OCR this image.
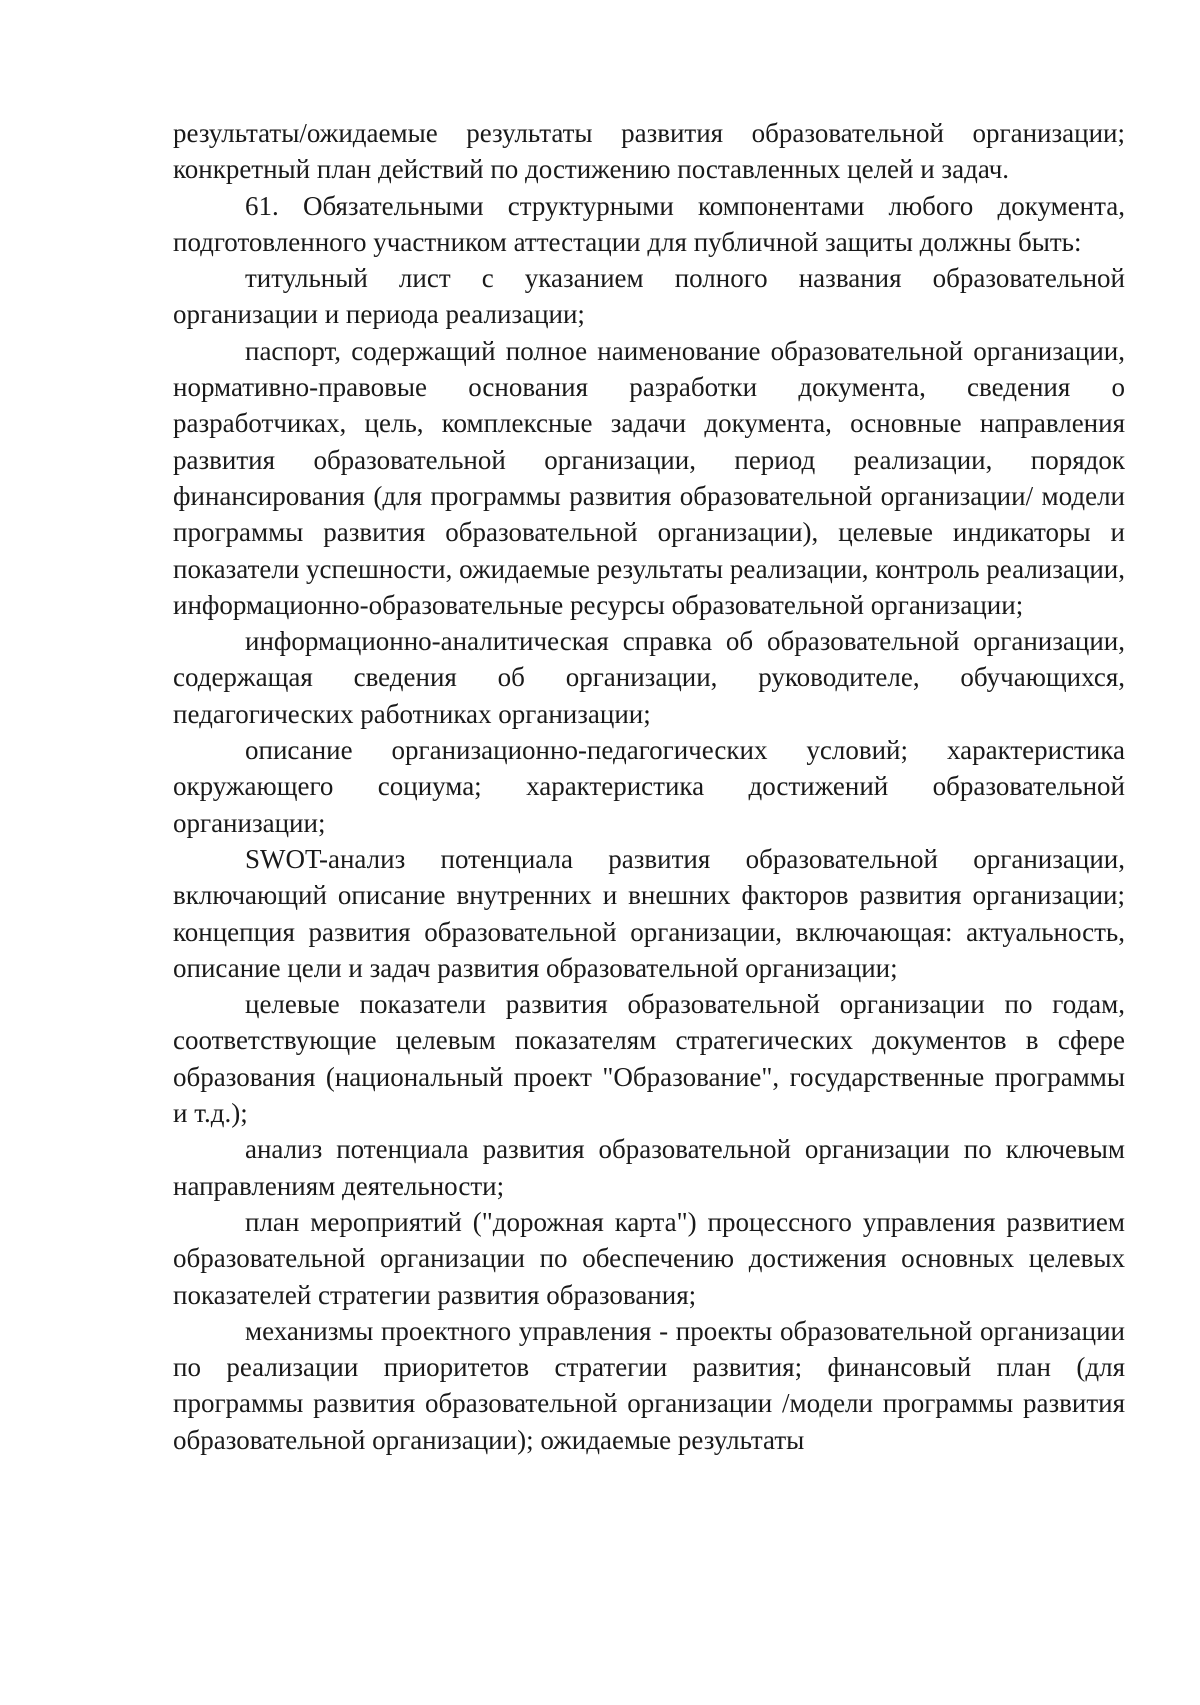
результаты/ожидаемые результаты развития образовательной организации; конкретный план действий по достижению поставленных целей и задач.

61. Обязательными структурными компонентами любого документа, подготовленного участником аттестации для публичной защиты должны быть:

титульный лист с указанием полного названия образовательной организации и периода реализации;

паспорт, содержащий полное наименование образовательной организации, нормативно-правовые основания разработки документа, сведения о разработчиках, цель, комплексные задачи документа, основные направления развития образовательной организации, период реализации, порядок финансирования (для программы развития образовательной организации/ модели программы развития образовательной организации), целевые индикаторы и показатели успешности, ожидаемые результаты реализации, контроль реализации, информационно-образовательные ресурсы образовательной организации;

информационно-аналитическая справка об образовательной организации, содержащая сведения об организации, руководителе, обучающихся, педагогических работниках организации;

описание организационно-педагогических условий; характеристика окружающего социума; характеристика достижений образовательной организации;

SWOT-анализ потенциала развития образовательной организации, включающий описание внутренних и внешних факторов развития организации; концепция развития образовательной организации, включающая: актуальность, описание цели и задач развития образовательной организации;

целевые показатели развития образовательной организации по годам, соответствующие целевым показателям стратегических документов в сфере образования (национальный проект "Образование", государственные программы и т.д.);

анализ потенциала развития образовательной организации по ключевым направлениям деятельности;

план мероприятий ("дорожная карта") процессного управления развитием образовательной организации по обеспечению достижения основных целевых показателей стратегии развития образования;

механизмы проектного управления - проекты образовательной организации по реализации приоритетов стратегии развития; финансовый план (для программы развития образовательной организации /модели программы развития образовательной организации); ожидаемые результаты
